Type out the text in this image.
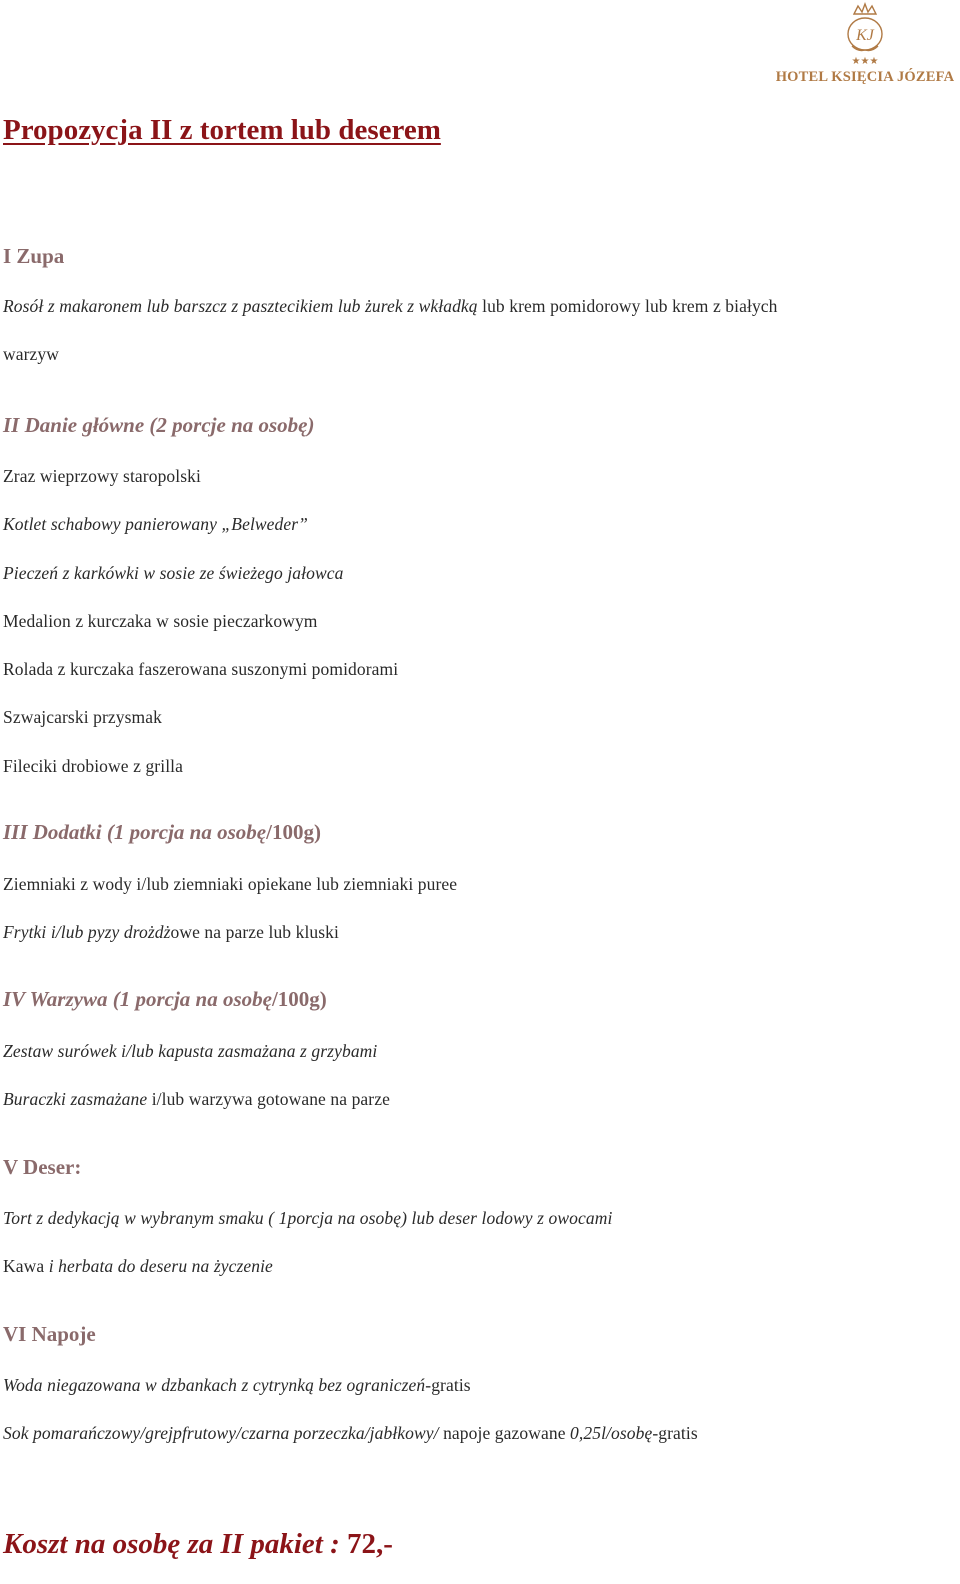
KJ
★★★
HOTEL KSIĘCIA JÓZEFA
Propozycja II z tortem lub deserem
I Zupa
Rosół z makaronem lub barszcz z pasztecikiem lub żurek z wkładką lub krem pomidorowy lub krem z białych
warzyw
II Danie główne (2 porcje na osobę)
Zraz wieprzowy staropolski
Kotlet schabowy panierowany „Belweder”
Pieczeń z karkówki w sosie ze świeżego jałowca
Medalion z kurczaka w sosie pieczarkowym
Rolada z kurczaka faszerowana suszonymi pomidorami
Szwajcarski przysmak
Fileciki drobiowe z grilla
III Dodatki (1 porcja na osobę/100g)
Ziemniaki z wody i/lub ziemniaki opiekane lub ziemniaki puree
Frytki i/lub pyzy drożdżowe na parze lub kluski
IV Warzywa (1 porcja na osobę/100g)
Zestaw surówek i/lub kapusta zasmażana z grzybami
Buraczki zasmażane i/lub warzywa gotowane na parze
V Deser:
Tort z dedykacją w wybranym smaku ( 1porcja na osobę) lub deser lodowy z owocami
Kawa i herbata do deseru na życzenie
VI Napoje
Woda niegazowana w dzbankach z cytrynką bez ograniczeń-gratis
Sok pomarańczowy/grejpfrutowy/czarna porzeczka/jabłkowy/ napoje gazowane 0,25l/osobę-gratis
Koszt na osobę za II pakiet : 72,-
